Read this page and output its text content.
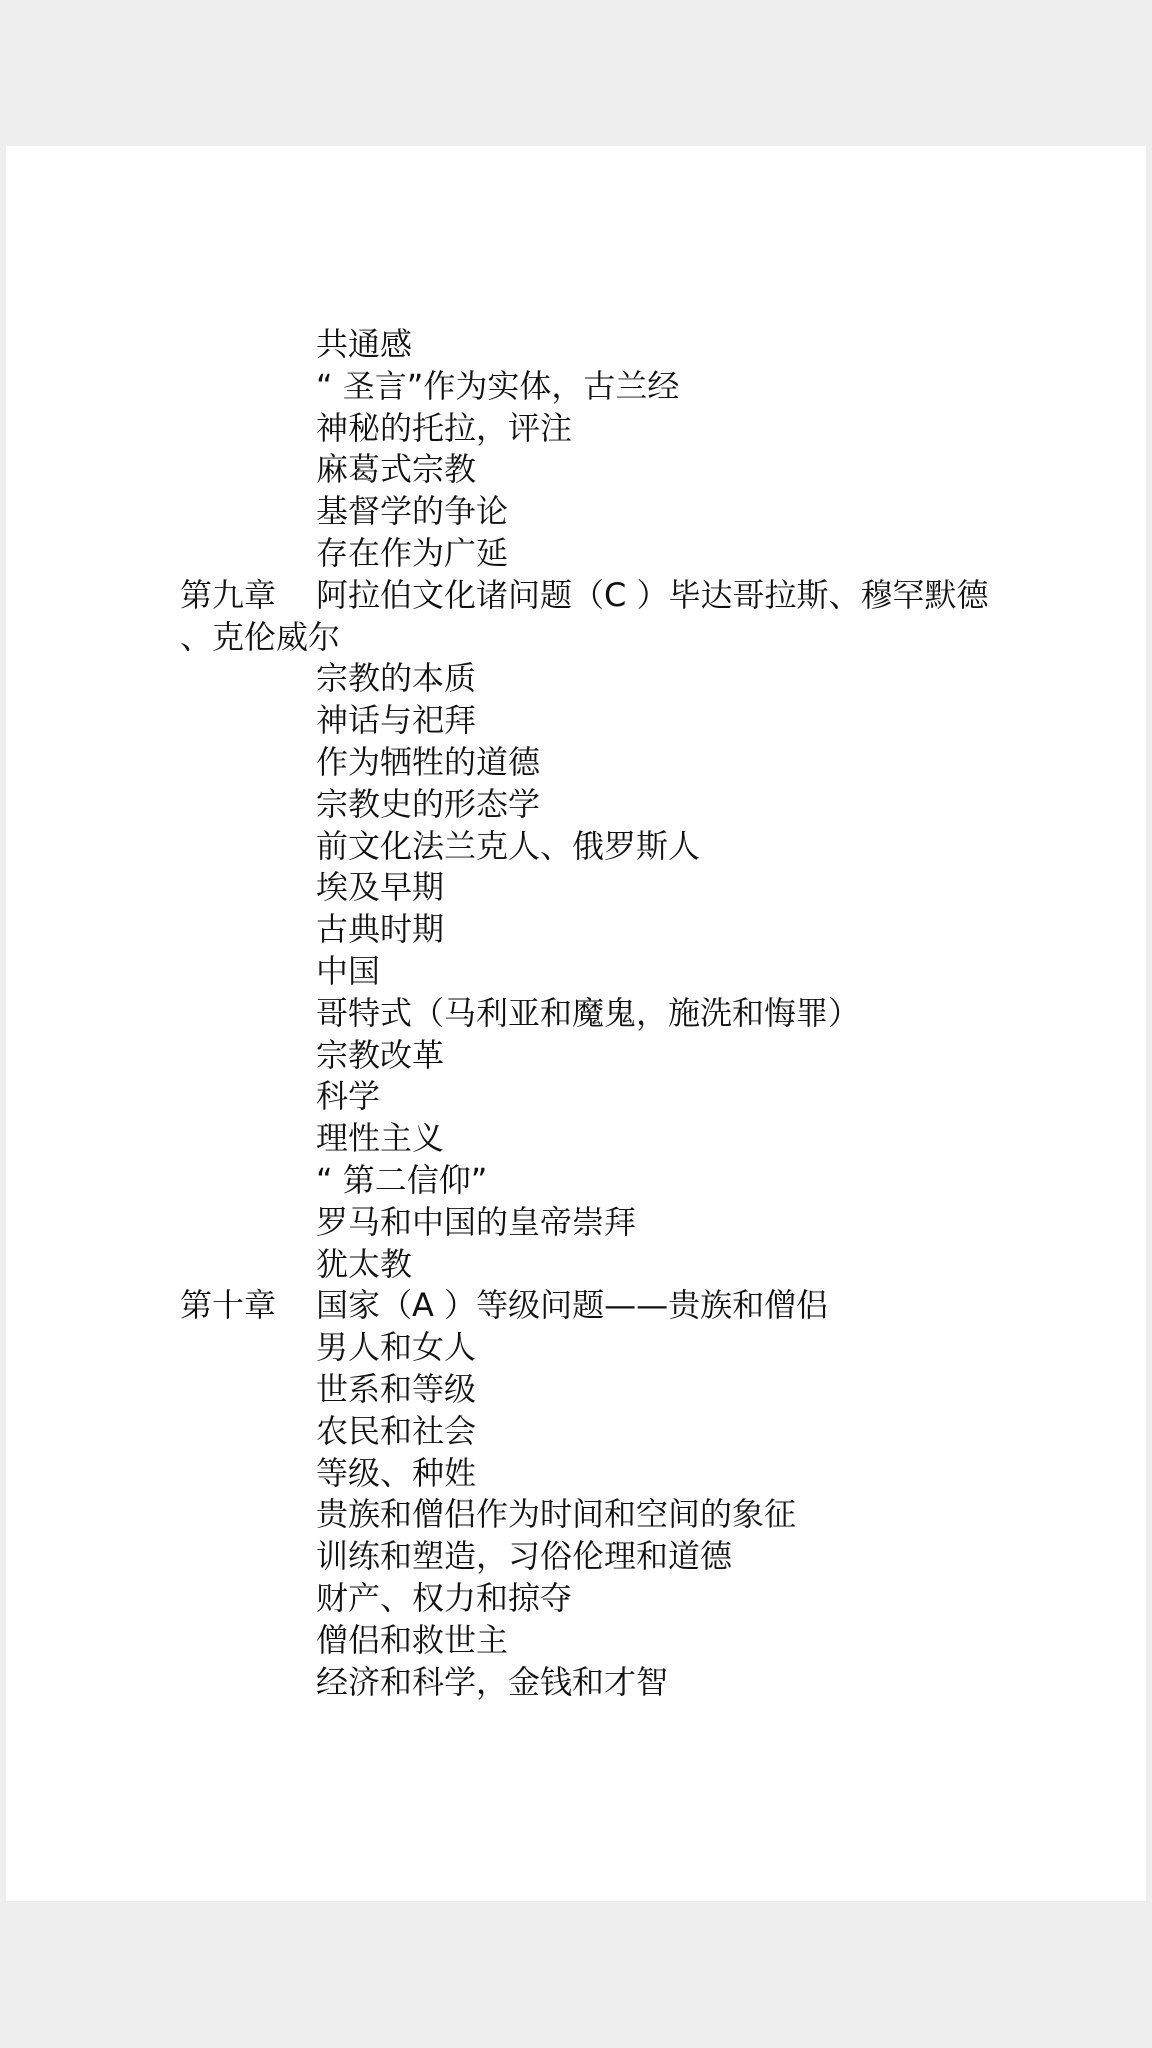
共通感
“ 圣言”作为实体，古兰经
神秘的托拉，评注
麻葛式宗教
基督学的争论
存在作为广延
第九章 阿拉伯文化诸问题（C ）毕达哥拉斯、穆罕默德
、克伦威尔
宗教的本质
神话与祀拜
作为牺牲的道德
宗教史的形态学
前文化法兰克人、俄罗斯人
埃及早期
古典时期
中国
哥特式（马利亚和魔鬼，施洗和悔罪）
宗教改革
科学
理性主义
“ 第二信仰”
罗马和中国的皇帝崇拜
犹太教
第十章 国家（A ）等级问题——贵族和僧侣
男人和女人
世系和等级
农民和社会
等级、种姓
贵族和僧侣作为时间和空间的象征
训练和塑造，习俗伦理和道德
财产、权力和掠夺
僧侣和救世主
经济和科学，金钱和才智
